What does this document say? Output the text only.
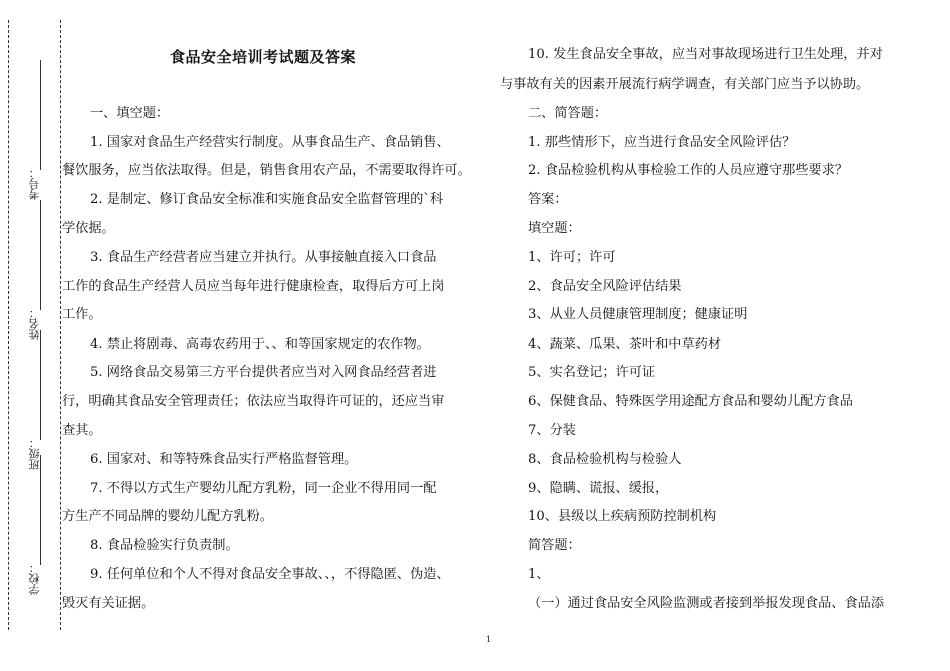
考号：
姓名：
班级：
学校：
食品安全培训考试题及答案
一、填空题：
1. 国家对食品生产经营实行制度。从事食品生产、食品销售、
餐饮服务，应当依法取得。但是，销售食用农产品，不需要取得许可。
2. 是制定、修订食品安全标准和实施食品安全监督管理的`科
学依据。
3. 食品生产经营者应当建立并执行。从事接触直接入口食品
工作的食品生产经营人员应当每年进行健康检查，取得后方可上岗
工作。
4. 禁止将剧毒、高毒农药用于、、和等国家规定的农作物。
5. 网络食品交易第三方平台提供者应当对入网食品经营者进
行，明确其食品安全管理责任；依法应当取得许可证的，还应当审
查其。
6. 国家对、和等特殊食品实行严格监督管理。
7. 不得以方式生产婴幼儿配方乳粉，同一企业不得用同一配
方生产不同品牌的婴幼儿配方乳粉。
8. 食品检验实行负责制。
9. 任何单位和个人不得对食品安全事故、、，不得隐匿、伪造、
毁灭有关证据。
10. 发生食品安全事故，应当对事故现场进行卫生处理，并对
与事故有关的因素开展流行病学调查，有关部门应当予以协助。
二、简答题：
1. 那些情形下，应当进行食品安全风险评估？
2. 食品检验机构从事检验工作的人员应遵守那些要求？
答案：
填空题：
1、许可；许可
2、食品安全风险评估结果
3、从业人员健康管理制度；健康证明
4、蔬菜、瓜果、茶叶和中草药材
5、实名登记；许可证
6、保健食品、特殊医学用途配方食品和婴幼儿配方食品
7、分装
8、食品检验机构与检验人
9、隐瞒、谎报、缓报，
10、县级以上疾病预防控制机构
简答题：
1、
（一）通过食品安全风险监测或者接到举报发现食品、食品添
1
